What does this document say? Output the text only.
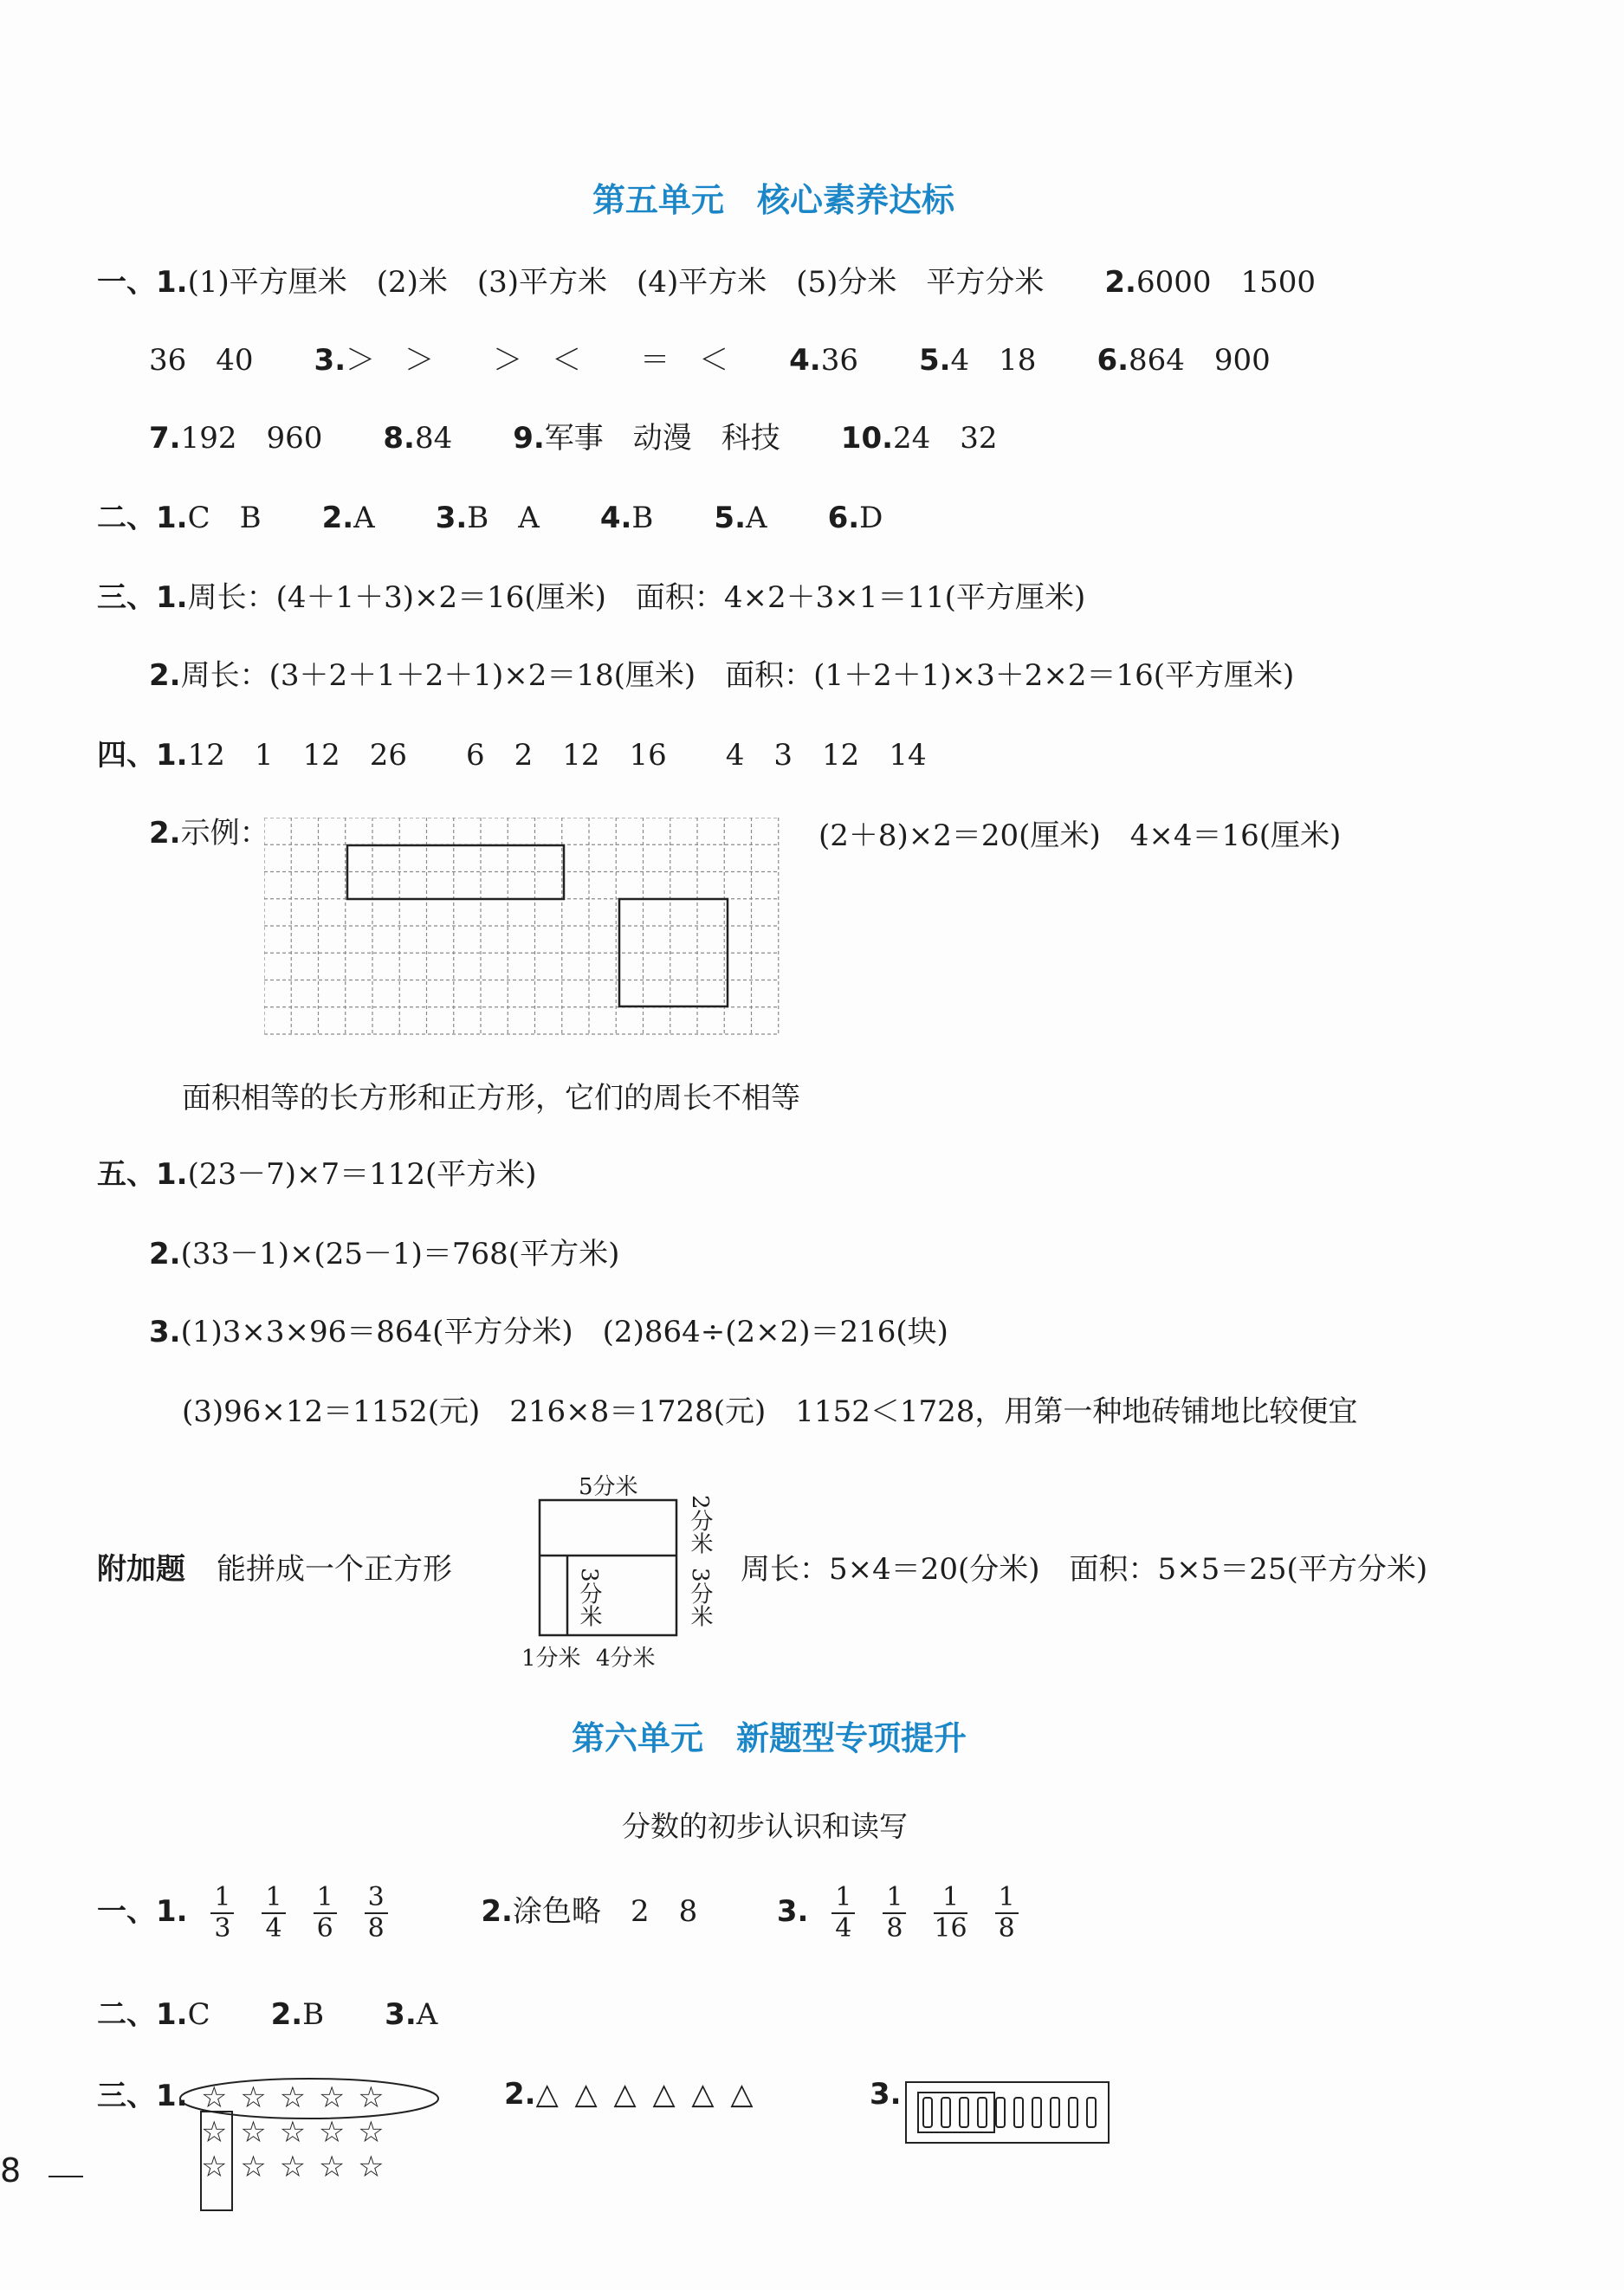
第五单元　核心素养达标
一、1.(1)平方厘米　(2)米　(3)平方米　(4)平方米　(5)分米　平方分米 2.6000　1500
36　40 3.＞　＞　　＞　＜　　＝　＜ 4.36 5.4　18 6.864　900
7.192　960 8.84 9.军事　动漫　科技 10.24　32
二、1.C　B 2.A 3.B　A 4.B 5.A 6.D
三、1.周长：(4＋1＋3)×2＝16(厘米)　面积：4×2＋3×1＝11(平方厘米)
2.周长：(3＋2＋1＋2＋1)×2＝18(厘米)　面积：(1＋2＋1)×3＋2×2＝16(平方厘米)
四、1.12　1　12　26　　6　2　12　16　　4　3　12　14
2.示例：	(2＋8)×2＝20(厘米)　4×4＝16(厘米)
面积相等的长方形和正方形，它们的周长不相等
五、1.(23－7)×7＝112(平方米)
2.(33－1)×(25－1)＝768(平方米)
3.(1)3×3×96＝864(平方分米)　(2)864÷(2×2)＝216(块)
(3)96×12＝1152(元)　216×8＝1728(元)　1152＜1728，用第一种地砖铺地比较便宜
附加题 能拼成一个正方形
5分米
2分米
3分米
3分米
1分米 4分米
周长：5×4＝20(分米)　面积：5×5＝25(平方分米)
第六单元　新题型专项提升
分数的初步认识和读写
一、1. $\frac{1}{3} \frac{1}{4} \frac{1}{6} \frac{3}{8}$	2.涂色略　2　8	3. $\frac{1}{4} \frac{1}{8} \frac{1}{16} \frac{1}{8}$
二、1.C 2.B 3.A
三、1. ☆ ☆ ☆ ☆ ☆
☆ ☆ ☆ ☆ ☆
☆ ☆ ☆ ☆ ☆
2.△ △ △ △ △ △	3.
8
